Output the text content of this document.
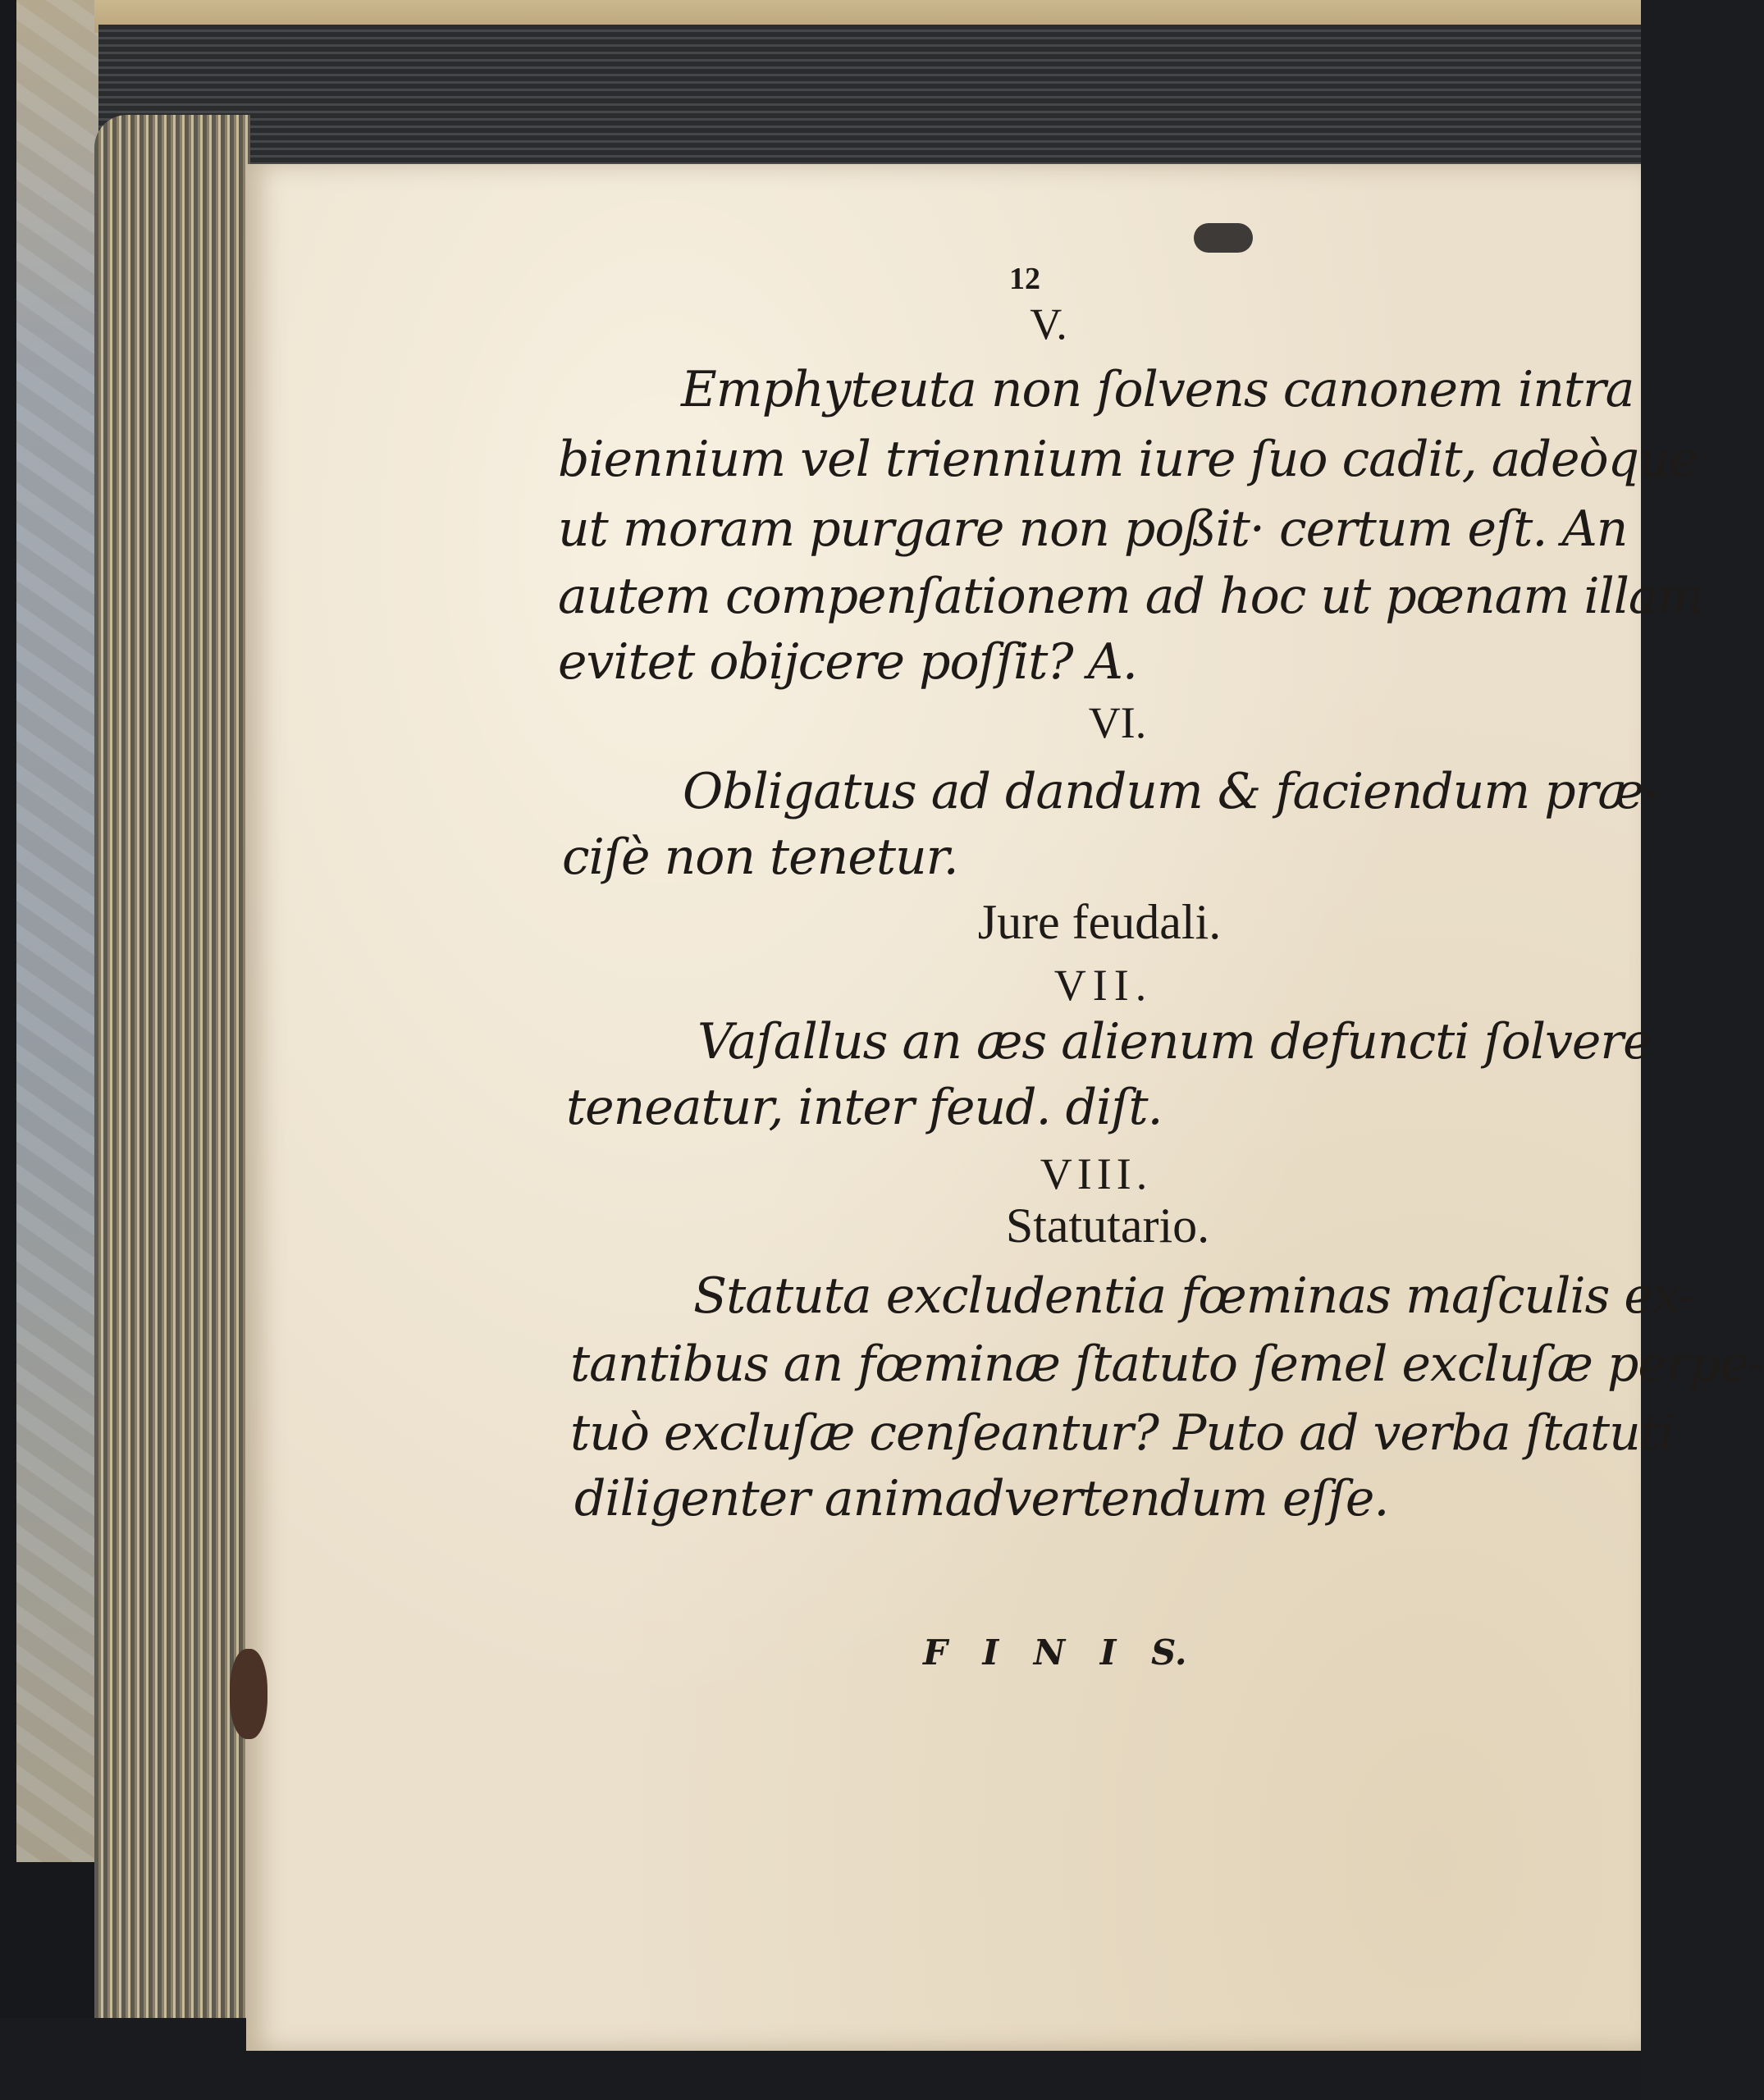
12
V.
Emphyteuta non ſolvens canonem intra
biennium vel triennium iure ſuo cadit, adeòque
ut moram purgare non poßit· certum eſt. An
autem compenſationem ad hoc ut pœnam illam
evitet obijcere poſſit? A.
VI.
Obligatus ad dandum & faciendum præ-
ciſè non tenetur.
Jure feudali.
VII.
Vaſallus an æs alienum defuncti ſolvere
teneatur, inter feud. diſt.
VIII.
Statutario.
Statuta excludentia fœminas maſculis ex-
tantibus an fœminæ ſtatuto ſemel excluſæ perpe-
tuò excluſæ cenſeantur? Puto ad verba ſtatuti
diligenter animadvertendum eſſe.
F I N I S.
